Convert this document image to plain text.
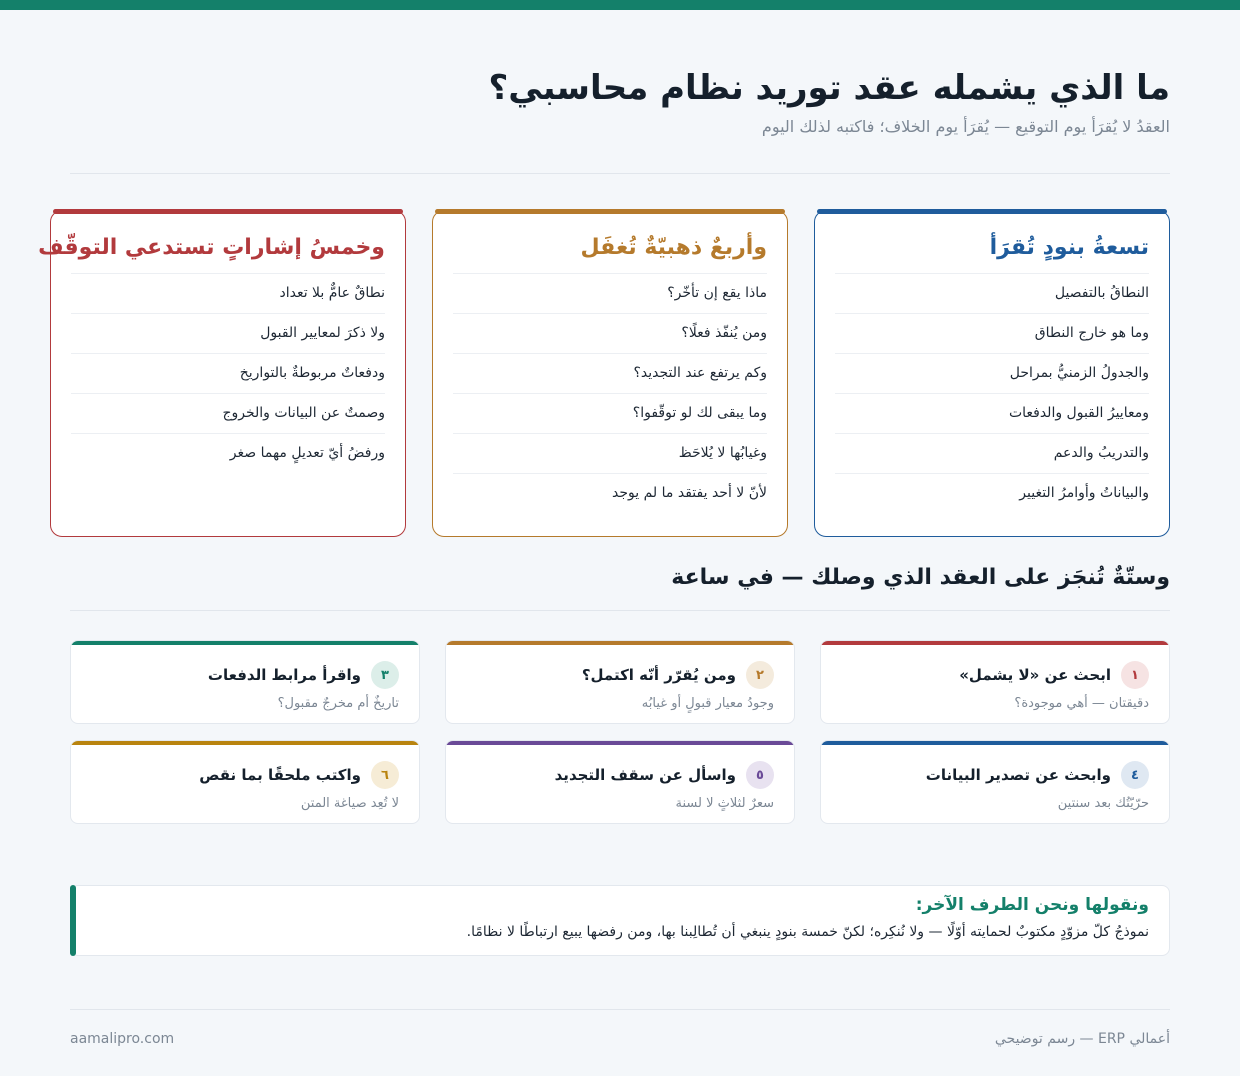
ما الذي يشمله عقد توريد نظام محاسبي؟
العقدُ لا يُقرَأ يوم التوقيع — يُقرَأ يوم الخلاف؛ فاكتبه لذلك اليوم
تسعةُ بنودٍ تُقرَأ
النطاقُ بالتفصيل
وما هو خارج النطاق
والجدولُ الزمنيُّ بمراحل
ومعاييرُ القبول والدفعات
والتدريبُ والدعم
والبياناتُ وأوامرُ التغيير
وأربعٌ ذهبيّةٌ تُغفَل
ماذا يقع إن تأخّر؟
ومن يُنفّذ فعلًا؟
وكم يرتفع عند التجديد؟
وما يبقى لك لو توقّفوا؟
وغيابُها لا يُلاحَظ
لأنّ لا أحد يفتقد ما لم يوجد
وخمسُ إشاراتٍ تستدعي التوقّف
نطاقٌ عامٌّ بلا تعداد
ولا ذكرَ لمعايير القبول
ودفعاتٌ مربوطةٌ بالتواريخ
وصمتٌ عن البيانات والخروج
ورفضُ أيّ تعديلٍ مهما صغر
وستّةٌ تُنجَز على العقد الذي وصلك — في ساعة
١
ابحث عن «لا يشمل»
دقيقتان — أهي موجودة؟
٢
ومن يُقرّر أنّه اكتمل؟
وجودُ معيار قبولٍ أو غيابُه
٣
واقرأ مرابط الدفعات
تاريخٌ أم مخرجٌ مقبول؟
٤
وابحث عن تصدير البيانات
حرّيّتُك بعد سنتين
٥
واسأل عن سقف التجديد
سعرٌ لثلاثٍ لا لسنة
٦
واكتب ملحقًا بما نقص
لا تُعِد صياغة المتن
ونقولها ونحن الطرف الآخر:
نموذجُ كلّ مزوّدٍ مكتوبٌ لحمايته أوّلًا — ولا نُنكِره؛ لكنّ خمسة بنودٍ ينبغي أن تُطالِبنا بها، ومن رفضها يبيع ارتباطًا لا نظامًا.
aamalipro.com	أعمالي ERP — رسم توضيحي
